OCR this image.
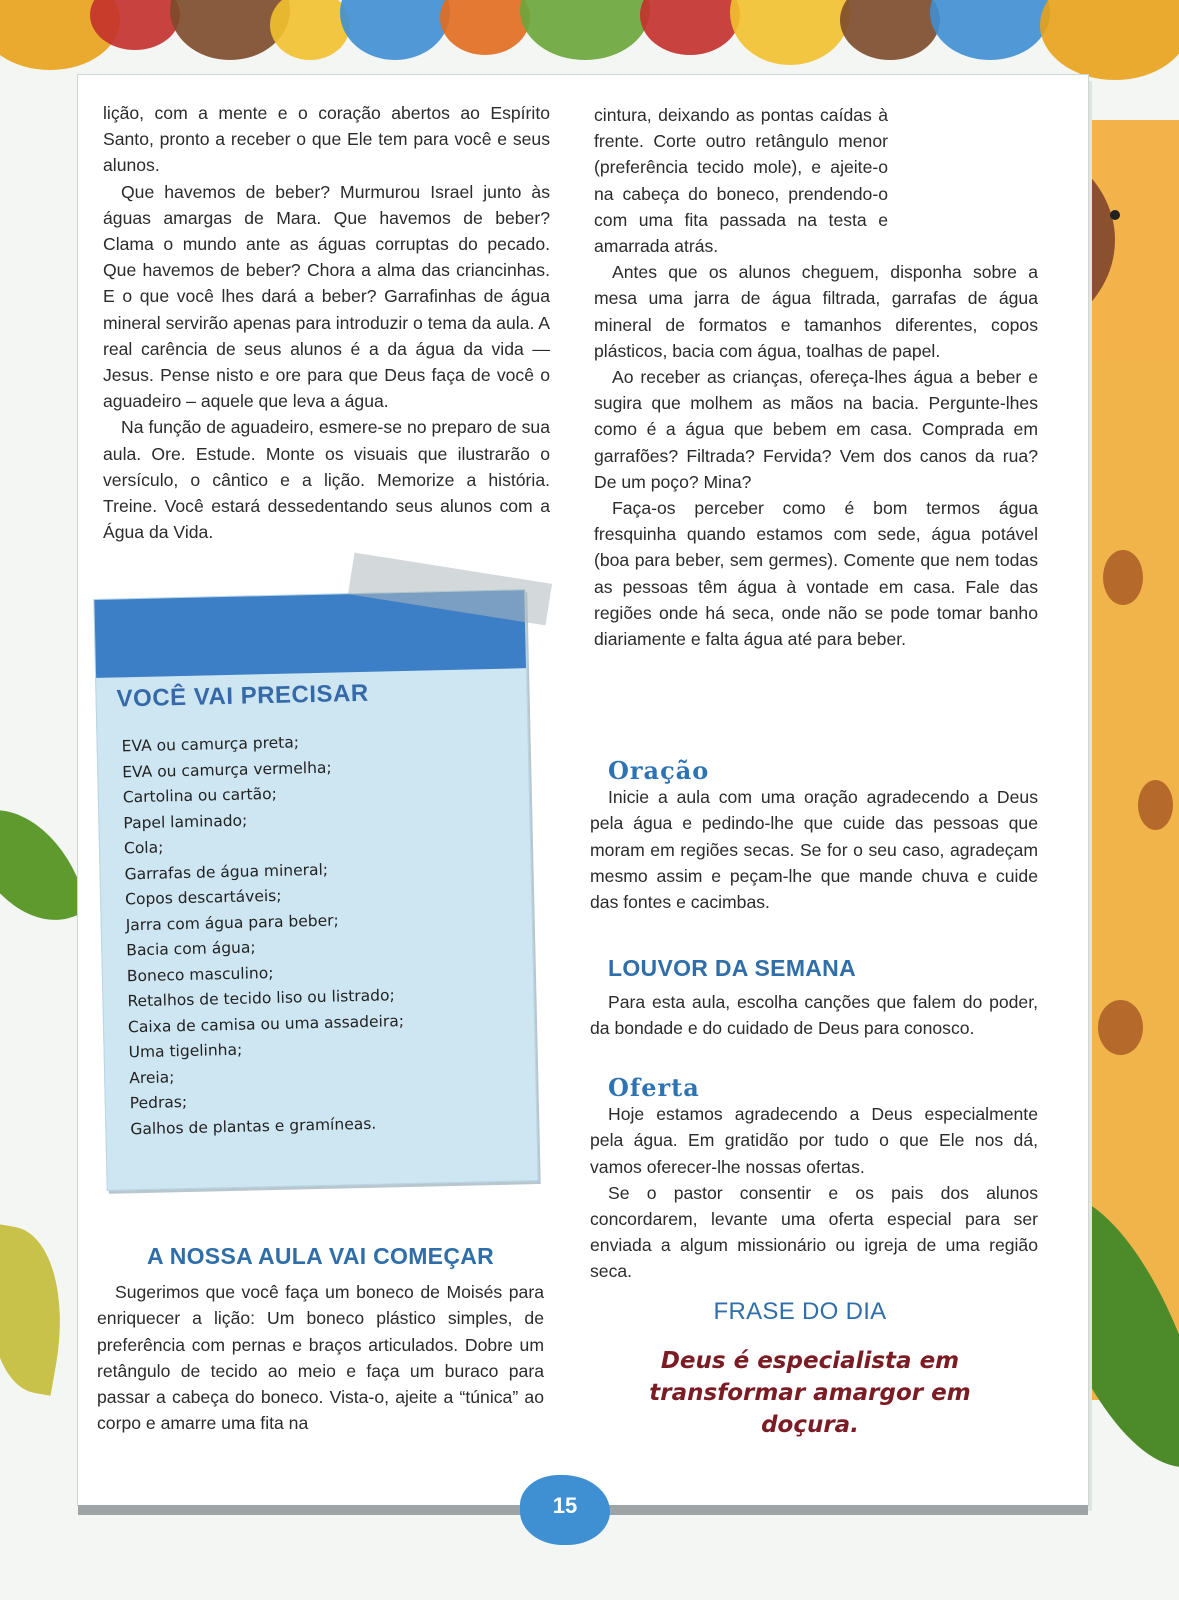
lição, com a mente e o coração abertos ao Espírito Santo, pronto a receber o que Ele tem para você e seus alunos.

Que havemos de beber? Murmurou Israel junto às águas amargas de Mara. Que havemos de beber? Clama o mundo ante as águas corruptas do pecado. Que havemos de beber? Chora a alma das criancinhas. E o que você lhes dará a beber? Garrafinhas de água mineral servirão apenas para introduzir o tema da aula. A real carência de seus alunos é a da água da vida — Jesus. Pense nisto e ore para que Deus faça de você o aguadeiro – aquele que leva a água.

Na função de aguadeiro, esmere-se no preparo de sua aula. Ore. Estude. Monte os visuais que ilustrarão o versículo, o cântico e a lição. Memorize a história. Treine. Você estará dessedentando seus alunos com a Água da Vida.

VOCÊ VAI PRECISAR
EVA ou camurça preta;
EVA ou camurça vermelha;
Cartolina ou cartão;
Papel laminado;
Cola;
Garrafas de água mineral;
Copos descartáveis;
Jarra com água para beber;
Bacia com água;
Boneco masculino;
Retalhos de tecido liso ou listrado;
Caixa de camisa ou uma assadeira;
Uma tigelinha;
Areia;
Pedras;
Galhos de plantas e gramíneas.

A NOSSA AULA VAI COMEÇAR

Sugerimos que você faça um boneco de Moisés para enriquecer a lição: Um boneco plástico simples, de preferência com pernas e braços articulados. Dobre um retângulo de tecido ao meio e faça um buraco para passar a cabeça do boneco. Vista-o, ajeite a “túnica” ao corpo e amarre uma fita na

cintura, deixando as pontas caídas à frente. Corte outro retângulo menor (preferência tecido mole), e ajeite-o na cabeça do boneco, prendendo-o com uma fita passada na testa e amarrada atrás.

Antes que os alunos cheguem, disponha sobre a mesa uma jarra de água filtrada, garrafas de água mineral de formatos e tamanhos diferentes, copos plásticos, bacia com água, toalhas de papel.

Ao receber as crianças, ofereça-lhes água a beber e sugira que molhem as mãos na bacia. Pergunte-lhes como é a água que bebem em casa. Comprada em garrafões? Filtrada? Fervida? Vem dos canos da rua? De um poço? Mina?

Faça-os perceber como é bom termos água fresquinha quando estamos com sede, água potável (boa para beber, sem germes). Comente que nem todas as pessoas têm água à vontade em casa. Fale das regiões onde há seca, onde não se pode tomar banho diariamente e falta água até para beber.

Oração

Inicie a aula com uma oração agradecendo a Deus pela água e pedindo-lhe que cuide das pessoas que moram em regiões secas. Se for o seu caso, agradeçam mesmo assim e peçam-lhe que mande chuva e cuide das fontes e cacimbas.

LOUVOR DA SEMANA

Para esta aula, escolha canções que falem do poder, da bondade e do cuidado de Deus para conosco.

Oferta

Hoje estamos agradecendo a Deus especialmente pela água. Em gratidão por tudo o que Ele nos dá, vamos oferecer-lhe nossas ofertas.

Se o pastor consentir e os pais dos alunos concordarem, levante uma oferta especial para ser enviada a algum missionário ou igreja de uma região seca.

FRASE DO DIA
Deus é especialista em transformar amargor em doçura.
15
